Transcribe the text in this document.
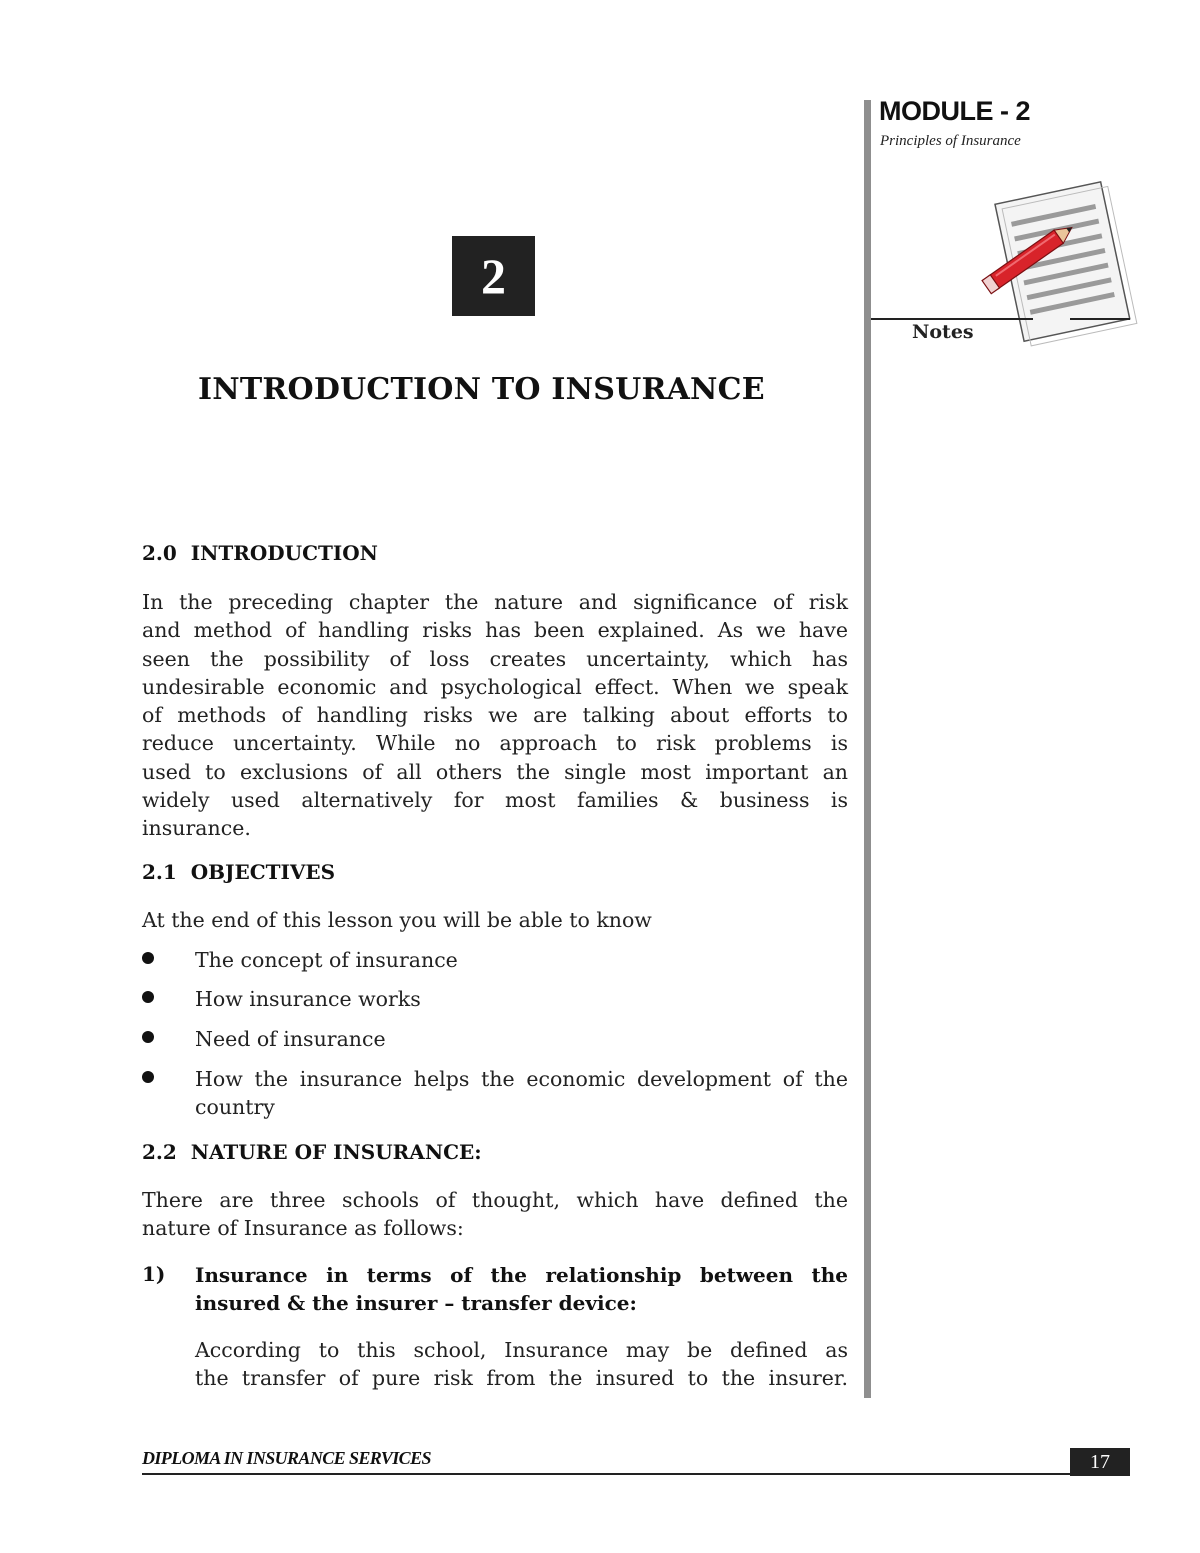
MODULE - 2
Principles of Insurance
Notes
2
INTRODUCTION TO INSURANCE

2.0  INTRODUCTION

In the preceding chapter the nature and significance of risk

and method of handling risks has been explained. As we have

seen the possibility of loss creates uncertainty, which has

undesirable economic and psychological effect. When we speak

of methods of handling risks we are talking about efforts to

reduce uncertainty. While no approach to risk problems is

used to exclusions of all others the single most important an

widely used alternatively for most families & business is

insurance.

2.1  OBJECTIVES

At the end of this lesson you will be able to know

The concept of insurance
How insurance works
Need of insurance
How the insurance helps the economic development of the country

2.2  NATURE OF INSURANCE:

There are three schools of thought, which have defined the

nature of Insurance as follows:

1) Insurance in terms of the relationship between the
insured & the insurer – transfer device:

According to this school, Insurance may be defined as

the transfer of pure risk from the insured to the insurer.

DIPLOMA IN INSURANCE SERVICES	17
